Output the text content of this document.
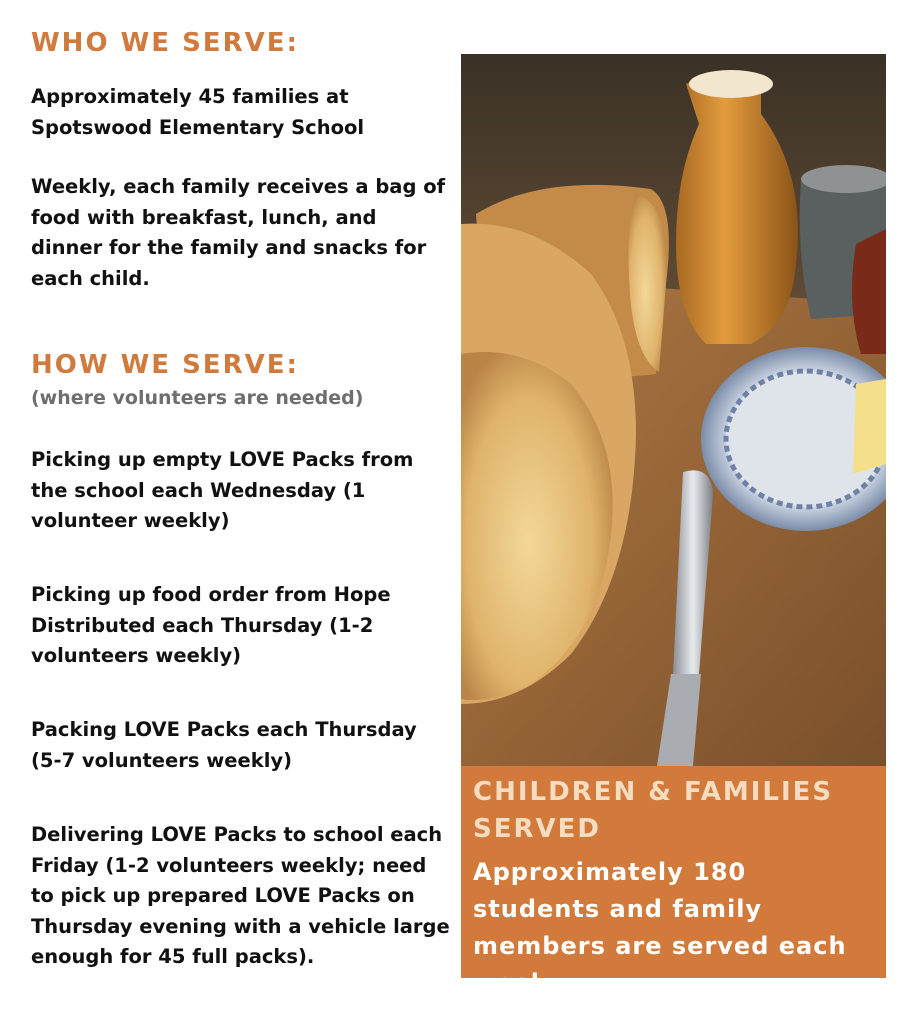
WHO WE SERVE:

Approximately 45 families at Spotswood Elementary School

Weekly, each family receives a bag of food with breakfast, lunch, and dinner for the family and snacks for each child.

HOW WE SERVE:

(where volunteers are needed)

Picking up empty LOVE Packs from the school each Wednesday (1 volunteer weekly)

Picking up food order from Hope Distributed each Thursday (1-2 volunteers weekly)

Packing LOVE Packs each Thursday (5-7 volunteers weekly)

Delivering LOVE Packs to school each Friday (1-2 volunteers weekly; need to pick up prepared LOVE Packs on Thursday evening with a vehicle large enough for 45 full packs).

CHILDREN & FAMILIES SERVED

Approximately 180 students and family members are served each week.
